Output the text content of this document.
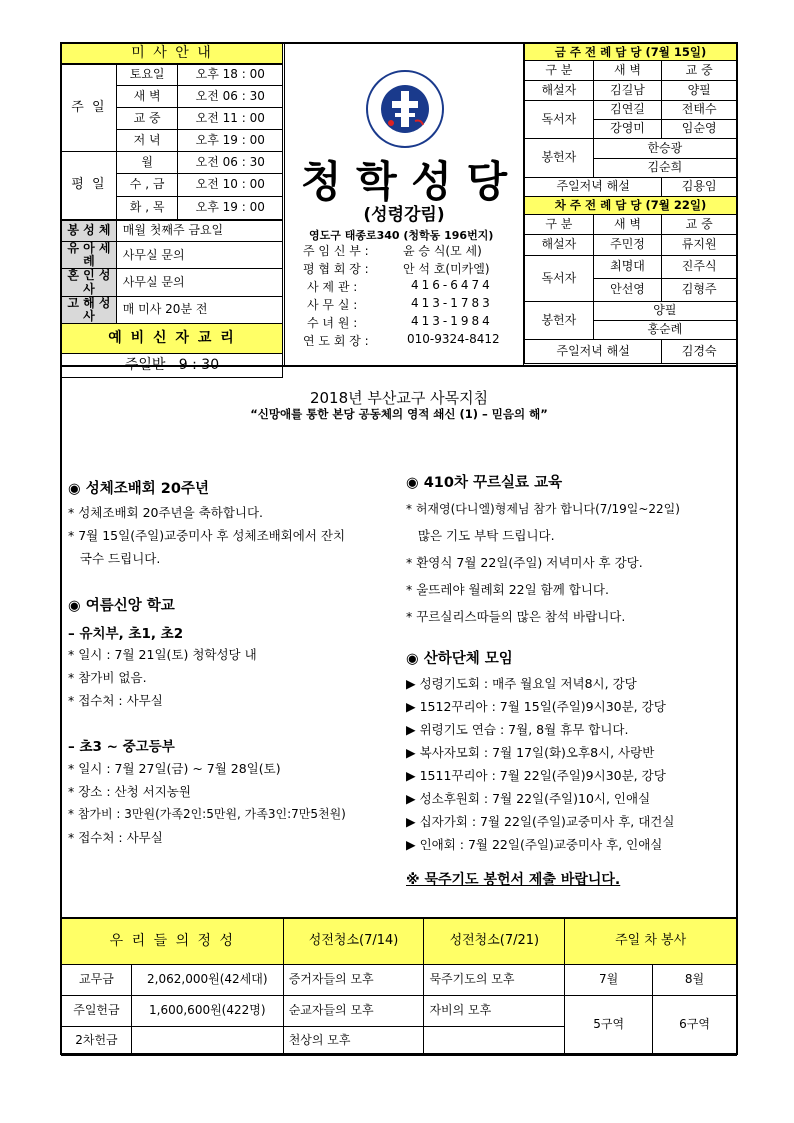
미 사 안 내		
주 일	토요일	오후 18 : 00
	새 벽	오전 06 : 30
	교 중	오전 11 : 00
	저 녁	오후 19 : 00
평 일	월	오전 06 : 30
	수 , 금	오전 10 : 00
	화 , 목	오후 19 : 00
봉 성 체	매월 첫째주 금요일	
유 아 세 례	사무실 문의	
혼 인 성 사	사무실 문의	
고 해 성 사	매 미사 20분 전	
예 비 신 자 교 리		
주일반   9 : 30		
청 학 성 당
(성령강림)
영도구 태종로340 (청학동 196번지)
주 임 신 부 :	윤 승 식(모 세)
평 협 회 장 :	안 석 호(미카엘)
사 제 관 :	416-6474
사 무 실 :	413-1783
수 녀 원 :	413-1984
연 도 회 장 :	010-9324-8412
금 주 전 례 담 당 (7월 15일)		
구 분	새 벽	교 중
해설자	김길남	양필
독서자	김연길	전태수
	강영미	임순영
봉헌자	한승광	
	김순희	
주일저녁 해설		김용임
차 주 전 례 담 당 (7월 22일)		
구 분	새 벽	교 중
해설자	주민정	류지원
독서자	최명대	진주식
	안선영	김형주
봉헌자	양필	
	홍순례	
주일저녁 해설		김경숙
2018년 부산교구 사목지침
“신망애를 통한 본당 공동체의 영적 쇄신 (1) – 믿음의 해”
◉ 성체조배회 20주년
* 성체조배회 20주년을 축하합니다.
* 7월 15일(주일)교중미사 후 성체조배회에서 잔치
국수 드립니다.
◉ 여름신앙 학교
– 유치부, 초1, 초2
* 일시 : 7월 21일(토) 청학성당 내
* 참가비 없음.
* 접수처 : 사무실
– 초3 ~ 중고등부
* 일시 : 7월 27일(금) ~ 7월 28일(토)
* 장소 : 산청 서지농원
* 참가비 : 3만원(가족2인:5만원, 가족3인:7만5천원)
* 접수처 : 사무실
◉ 410차 꾸르실료 교육
* 허재영(다니엘)형제님 참가 합니다(7/19일~22일)
많은 기도 부탁 드립니다.
* 환영식 7월 22일(주일) 저녁미사 후 강당.
* 울뜨레야 월례회 22일 함께 합니다.
* 꾸르실리스따들의 많은 참석 바랍니다.
◉ 산하단체 모임
▶ 성령기도회 : 매주 월요일 저녁8시, 강당
▶ 1512꾸리아 : 7월 15일(주일)9시30분, 강당
▶ 위령기도 연습 : 7월, 8월 휴무 합니다.
▶ 복사자모회 : 7월 17일(화)오후8시, 사랑반
▶ 1511꾸리아 : 7월 22일(주일)9시30분, 강당
▶ 성소후원회 : 7월 22일(주일)10시, 인애실
▶ 십자가회 : 7월 22일(주일)교중미사 후, 대건실
▶ 인애회 : 7월 22일(주일)교중미사 후, 인애실
※ 묵주기도 봉헌서 제출 바랍니다.
우 리 들 의 정 성		성전청소(7/14)	성전청소(7/21)	주일 차 봉사	
교무금	2,062,000원(42세대)	증거자들의 모후	묵주기도의 모후	7월	8월
주일헌금	1,600,600원(422명)	순교자들의 모후	자비의 모후	5구역	6구역
2차헌금		천상의 모후			
